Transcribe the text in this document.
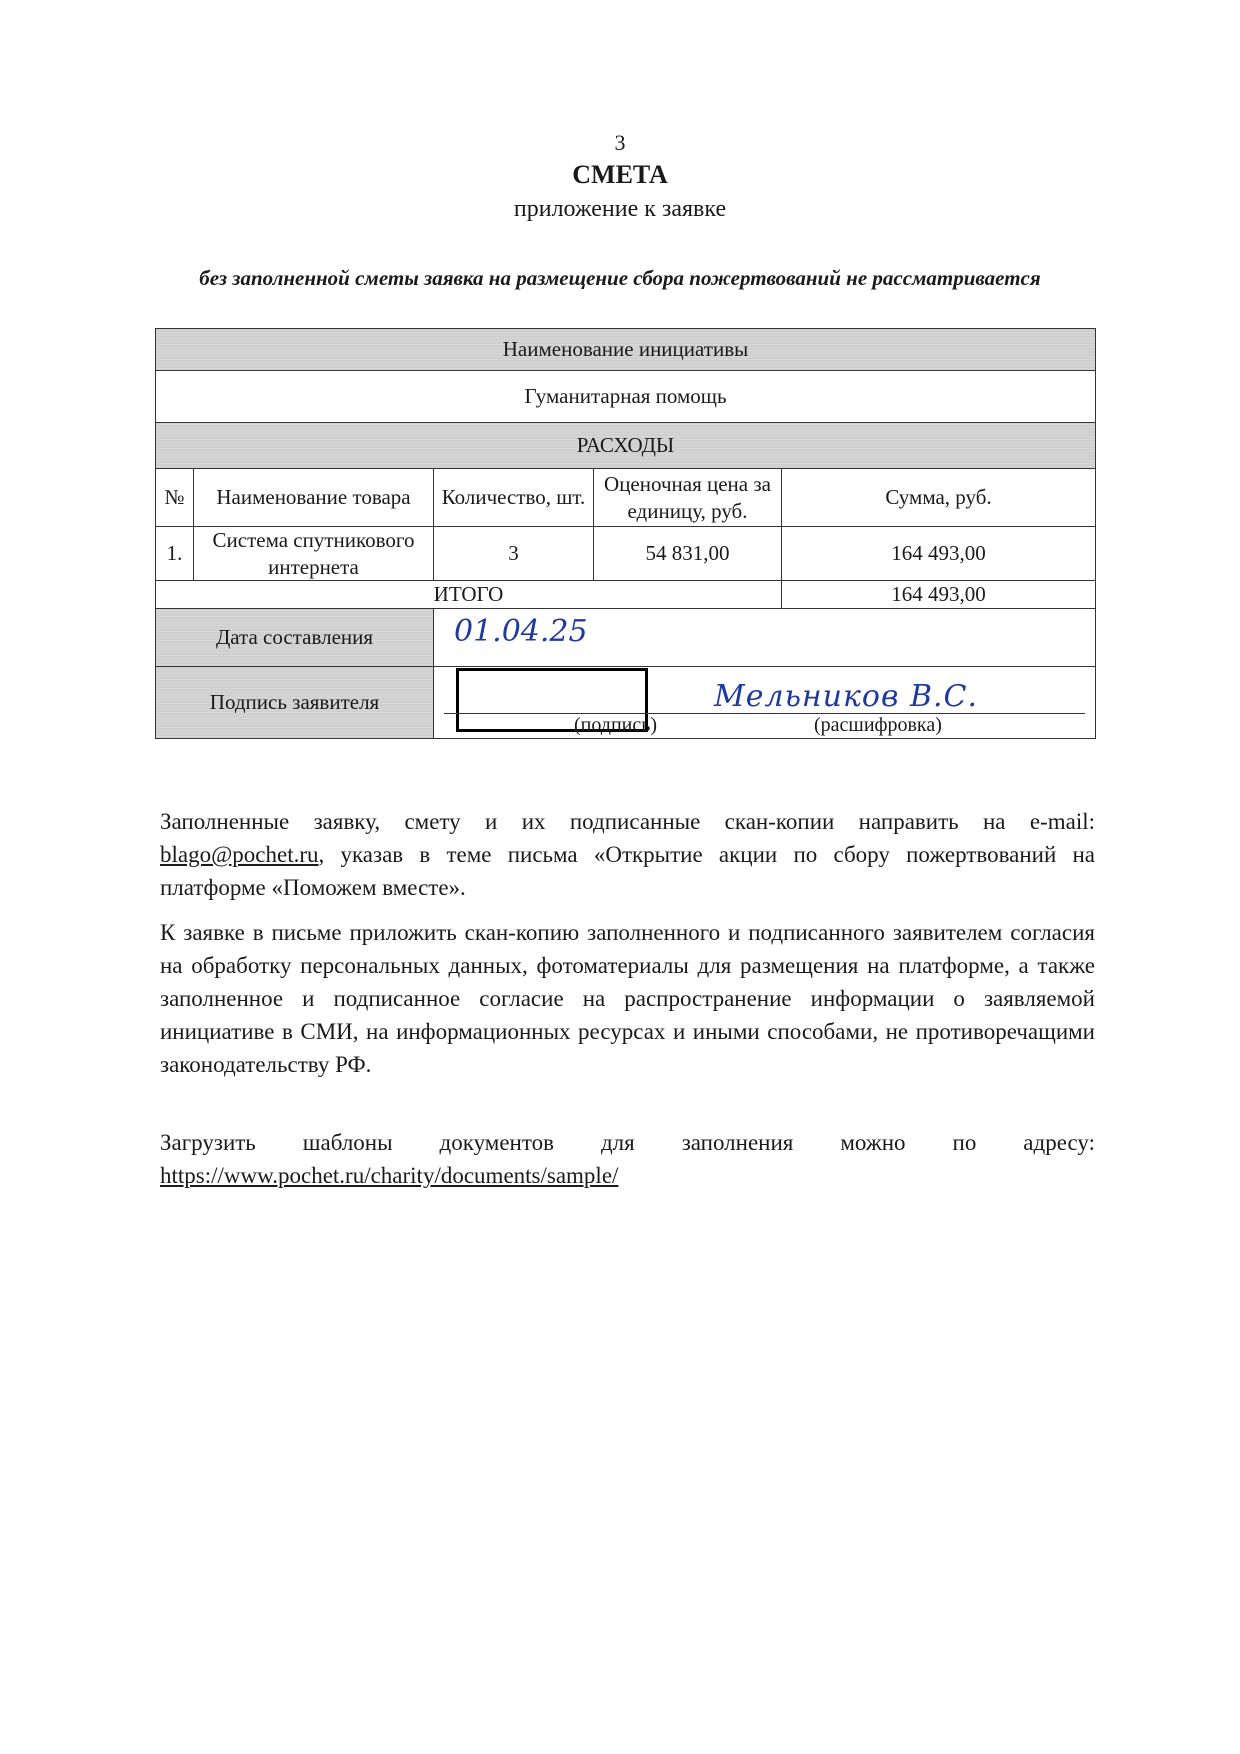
3
СМЕТА
приложение к заявке
без заполненной сметы заявка на размещение сбора пожертвований не рассматривается
Наименование инициативы				
Гуманитарная помощь				
РАСХОДЫ				
№	Наименование товара	Количество, шт.	Оценочная цена за единицу, руб.	Сумма, руб.
1.	Система спутникового интернета	3	54 831,00	164 493,00
ИТОГО				164 493,00
Дата составления		01.04.25		

Подпись заявителя		Мельников В.С.
(подпись) (расшифровка)		
Заполненные заявку, смету и их подписанные скан-копии направить на e-mail: blago@pochet.ru, указав в теме письма «Открытие акции по сбору пожертвований на платформе «Поможем вместе».
К заявке в письме приложить скан-копию заполненного и подписанного заявителем согласия на обработку персональных данных, фотоматериалы для размещения на платформе, а также заполненное и подписанное согласие на распространение информации о заявляемой инициативе в СМИ, на информационных ресурсах и иными способами, не противоречащими законодательству РФ.
Загрузить шаблоны документов для заполнения можно по адресу: https://www.pochet.ru/charity/documents/sample/
